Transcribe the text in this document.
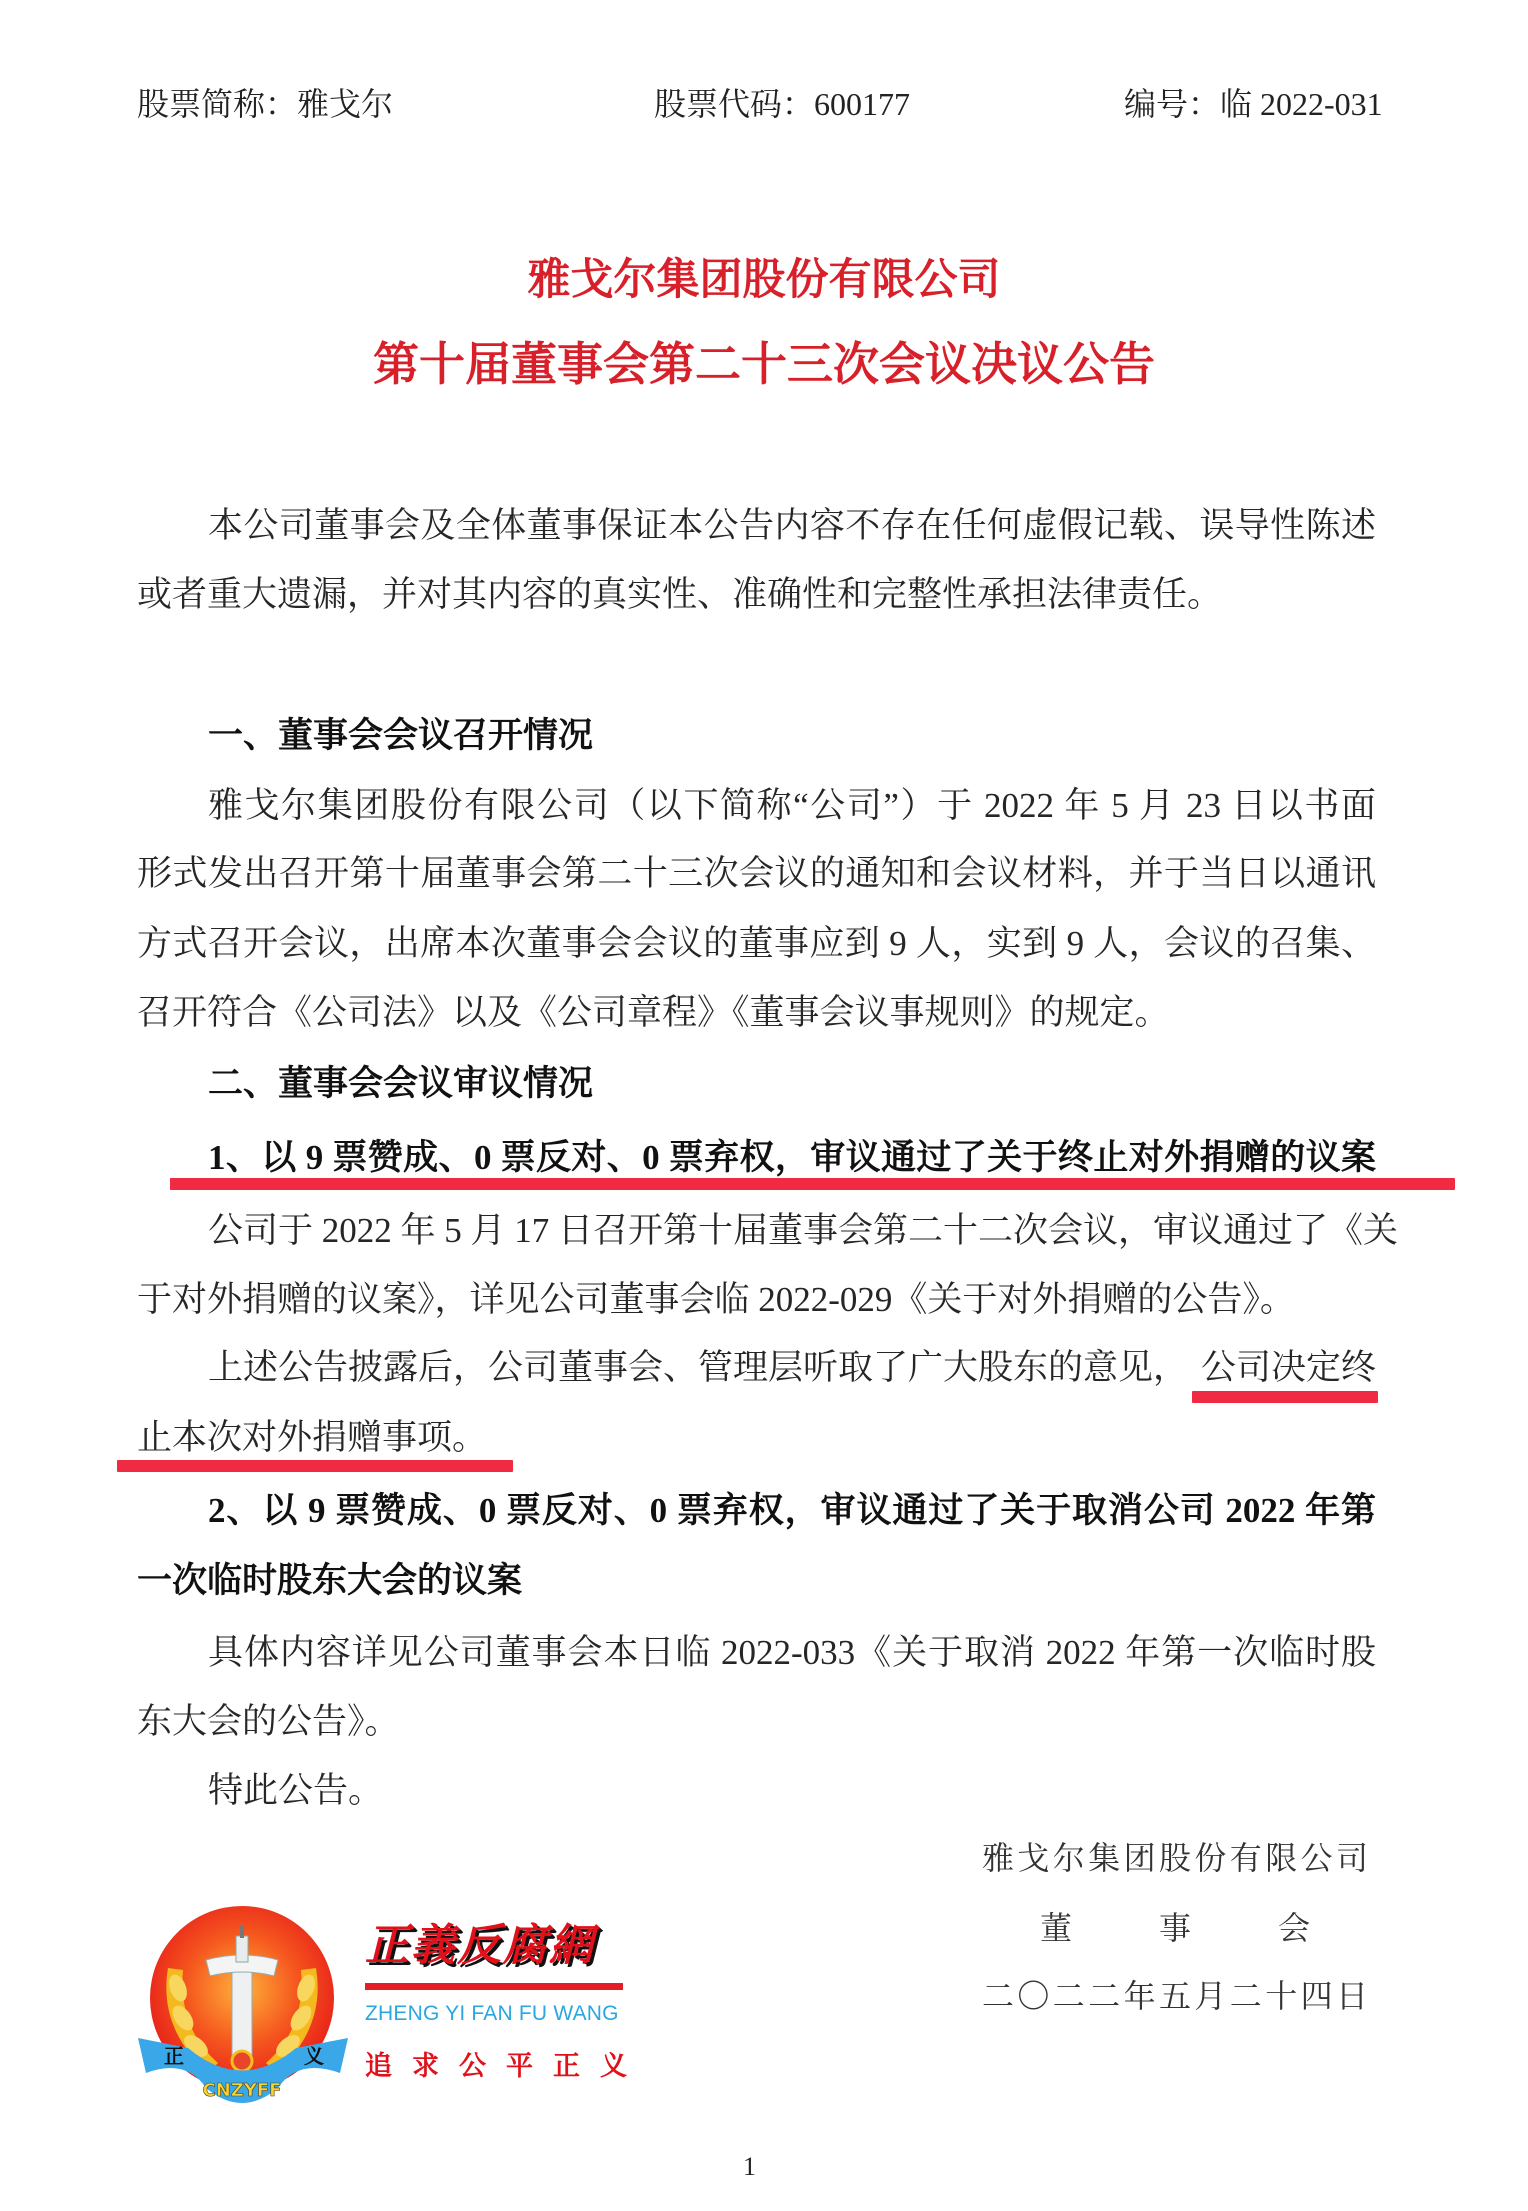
股票简称：雅戈尔	股票代码：600177	编号：临 2022-031
雅戈尔集团股份有限公司
第十届董事会第二十三次会议决议公告
本公司董事会及全体董事保证本公告内容不存在任何虚假记载、误导性陈述
或者重大遗漏，并对其内容的真实性、准确性和完整性承担法律责任。
一、董事会会议召开情况
雅戈尔集团股份有限公司（以下简称“公司”）于 2022 年 5 月 23 日以书面
形式发出召开第十届董事会第二十三次会议的通知和会议材料，并于当日以通讯
方式召开会议，出席本次董事会会议的董事应到 9 人，实到 9 人，会议的召集、
召开符合《公司法》以及《公司章程》《董事会议事规则》的规定。
二、董事会会议审议情况
1、以 9 票赞成、0 票反对、0 票弃权，审议通过了关于终止对外捐赠的议案
公司于 2022 年 5 月 17 日召开第十届董事会第二十二次会议，审议通过了《关
于对外捐赠的议案》，详见公司董事会临 2022-029《关于对外捐赠的公告》。
上述公告披露后，公司董事会、管理层听取了广大股东的意见， 公司决定终
止本次对外捐赠事项。
2、以 9 票赞成、0 票反对、0 票弃权，审议通过了关于取消公司 2022 年第
一次临时股东大会的议案
具体内容详见公司董事会本日临 2022-033《关于取消 2022 年第一次临时股
东大会的公告》。
特此公告。
雅戈尔集团股份有限公司
董	事	会
二〇二二年五月二十四日
正	义
CNZYFF
正義反腐網
ZHENG YI FAN FU WANG
追求公平正义
1
